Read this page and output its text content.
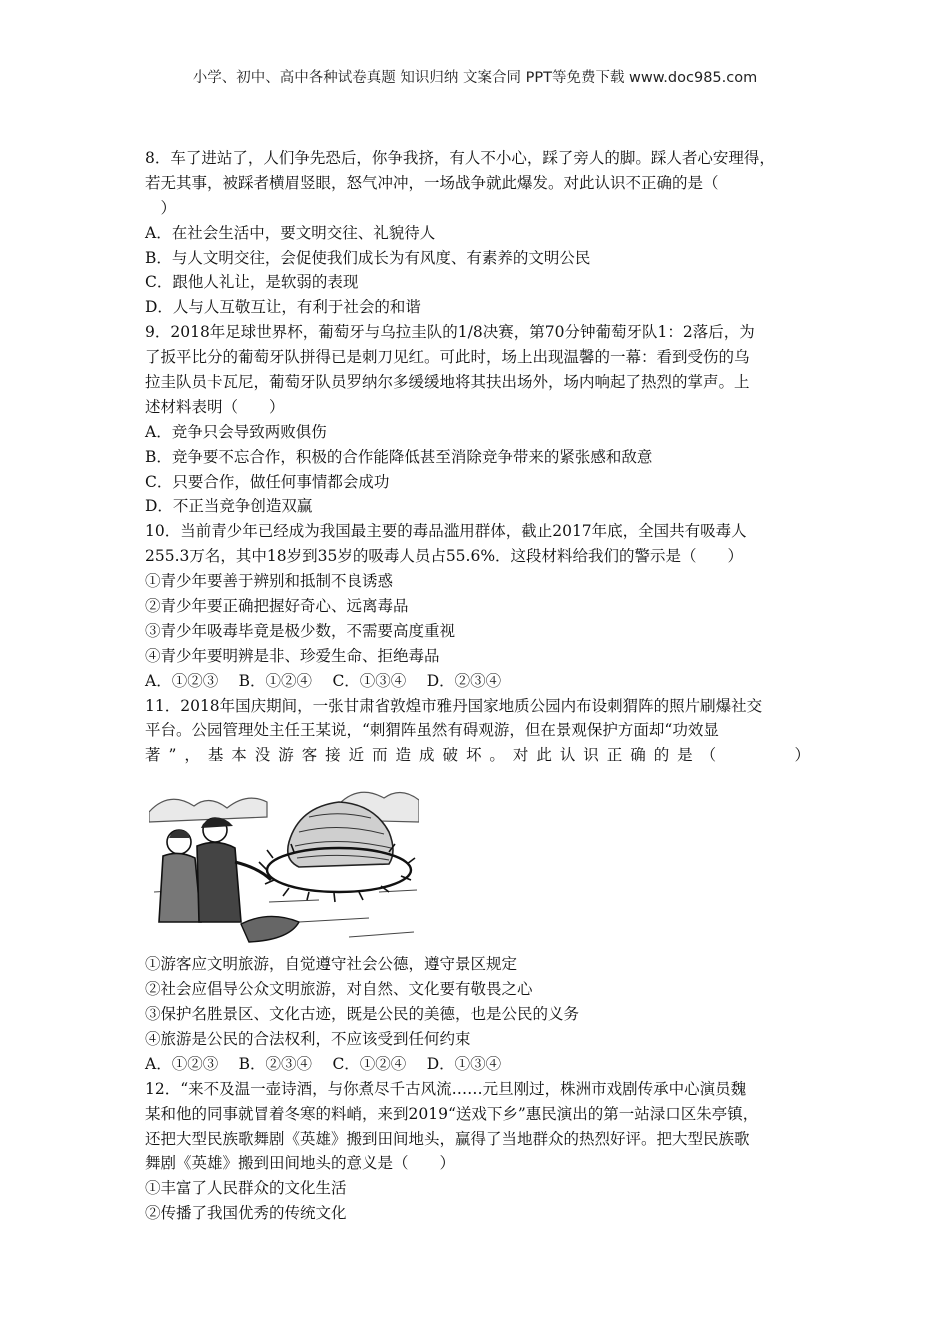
小学、初中、高中各种试卷真题 知识归纳 文案合同 PPT等免费下载 www.doc985.com
8．车了进站了，人们争先恐后，你争我挤，有人不小心，踩了旁人的脚。踩人者心安理得，
若无其事，被踩者横眉竖眼，怒气冲冲，一场战争就此爆发。对此认识不正确的是（
　）
A．在社会生活中，要文明交往、礼貌待人
B．与人文明交往，会促使我们成长为有风度、有素养的文明公民
C．跟他人礼让，是软弱的表现
D．人与人互敬互让，有利于社会的和谐
9．2018年足球世界杯，葡萄牙与乌拉圭队的1/8决赛，第70分钟葡萄牙队1：2落后，为
了扳平比分的葡萄牙队拼得已是刺刀见红。可此时，场上出现温馨的一幕：看到受伤的乌
拉圭队员卡瓦尼，葡萄牙队员罗纳尔多缓缓地将其扶出场外，场内响起了热烈的掌声。上
述材料表明（　　）
A．竞争只会导致两败俱伤
B．竞争要不忘合作，积极的合作能降低甚至消除竞争带来的紧张感和敌意
C．只要合作，做任何事情都会成功
D．不正当竞争创造双赢
10．当前青少年已经成为我国最主要的毒品滥用群体，截止2017年底，全国共有吸毒人
255.3万名，其中18岁到35岁的吸毒人员占55.6%．这段材料给我们的警示是（　　）
①青少年要善于辨别和抵制不良诱惑
②青少年要正确把握好奇心、远离毒品
③青少年吸毒毕竟是极少数，不需要高度重视
④青少年要明辨是非、珍爱生命、拒绝毒品
A．①②③　 B．①②④　 C．①③④　 D．②③④
11．2018年国庆期间，一张甘肃省敦煌市雅丹国家地质公园内布设刺猬阵的照片刷爆社交
平台。公园管理处主任王某说，“刺猬阵虽然有碍观游，但在景观保护方面却“功效显
著”，基本没游客接近而造成破坏。对此认识正确的是（　　　）
①游客应文明旅游，自觉遵守社会公德，遵守景区规定
②社会应倡导公众文明旅游，对自然、文化要有敬畏之心
③保护名胜景区、文化古迹，既是公民的美德，也是公民的义务
④旅游是公民的合法权利，不应该受到任何约束
A．①②③　 B．②③④　 C．①②④　 D．①③④
12．“来不及温一壶诗酒，与你煮尽千古风流……元旦刚过，株洲市戏剧传承中心演员魏
某和他的同事就冒着冬寒的料峭，来到2019“送戏下乡”惠民演出的第一站渌口区朱亭镇，
还把大型民族歌舞剧《英雄》搬到田间地头，赢得了当地群众的热烈好评。把大型民族歌
舞剧《英雄》搬到田间地头的意义是（　　）
①丰富了人民群众的文化生活
②传播了我国优秀的传统文化
